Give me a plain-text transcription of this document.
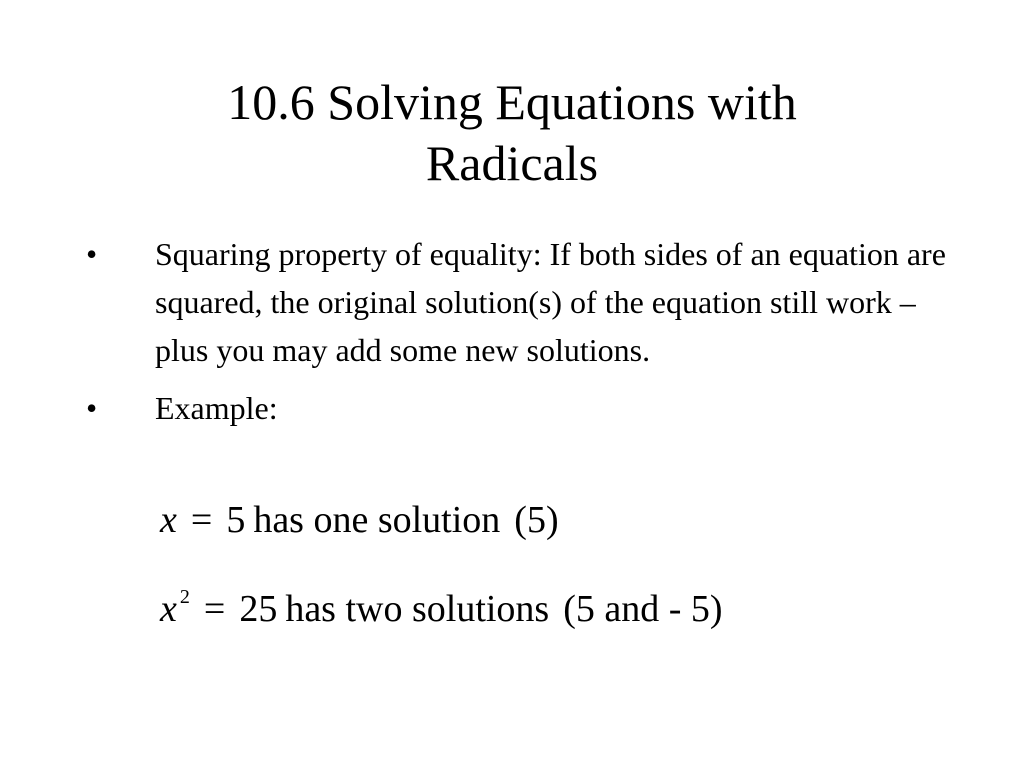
10.6 Solving Equations with
Radicals
• Squaring property of equality: If both sides of an equation are squared, the original solution(s) of the equation still work – plus you may add some new solutions.
• Example:
x = 5 has one solution (5)
x $^2$ = 25 has two solutions (5 and - 5)
